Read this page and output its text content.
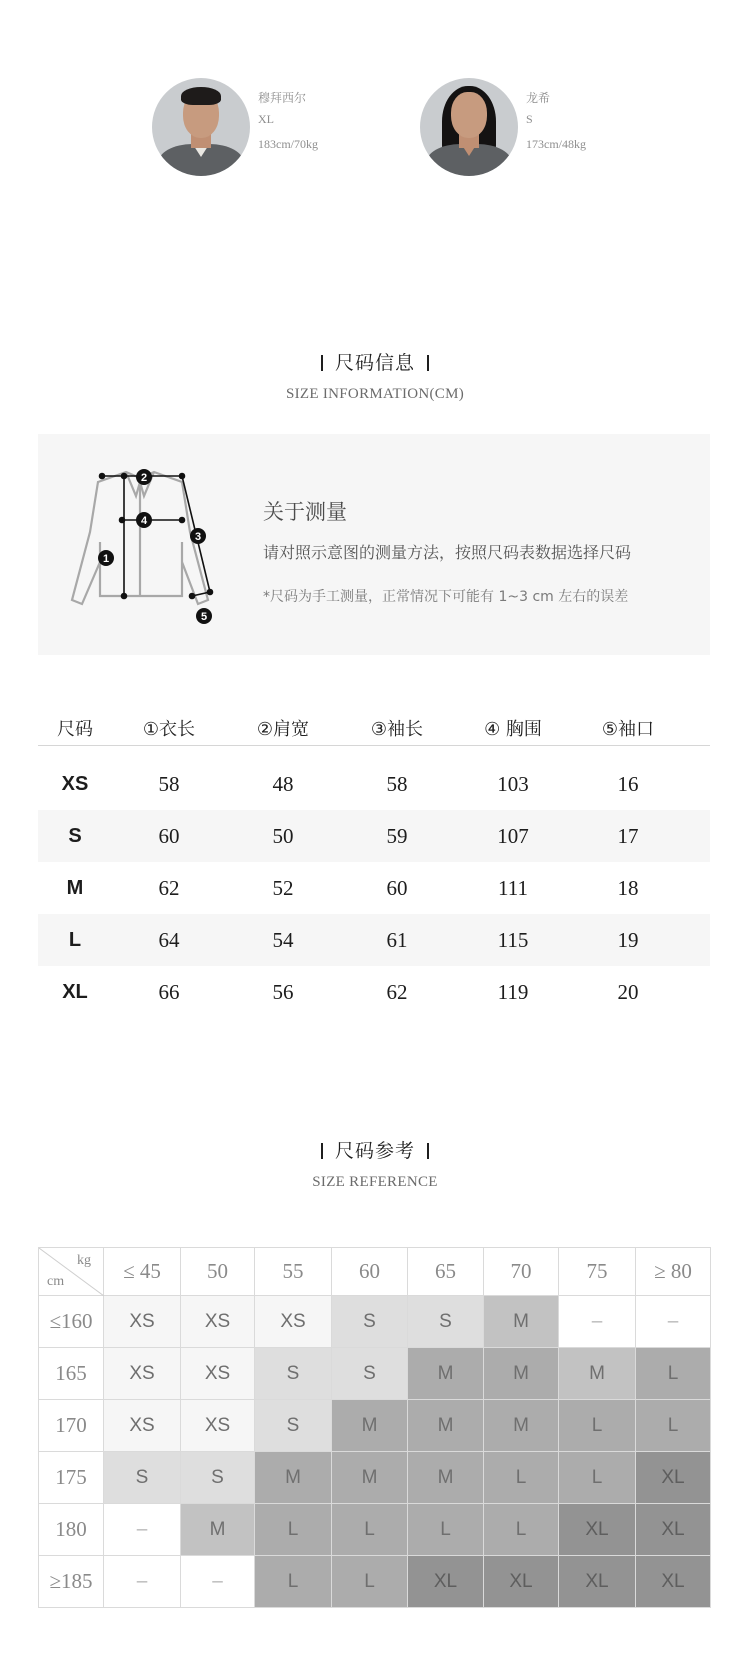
穆拜西尔
XL
183cm/70kg
龙希
S
173cm/48kg
尺码信息
SIZE INFORMATION(CM)
2
4
1
3
5
关于测量
请对照示意图的测量方法，按照尺码表数据选择尺码
*尺码为手工测量，正常情况下可能有 1~3 cm 左右的误差
尺码	①衣长	②肩宽	③袖长	④ 胸围	⑤袖口
XS	58	48	58	103	16
S	60	50	59	107	17
M	62	52	60	111	18
L	64	54	61	115	19
XL	66	56	62	119	20
尺码参考
SIZE REFERENCE
kg
cm	≤ 45	50	55	60	65	70	75	≥ 80
≤160	XS	XS	XS	S	S	M	–	–
165	XS	XS	S	S	M	M	M	L
170	XS	XS	S	M	M	M	L	L
175	S	S	M	M	M	L	L	XL
180	–	M	L	L	L	L	XL	XL
≥185	–	–	L	L	XL	XL	XL	XL
